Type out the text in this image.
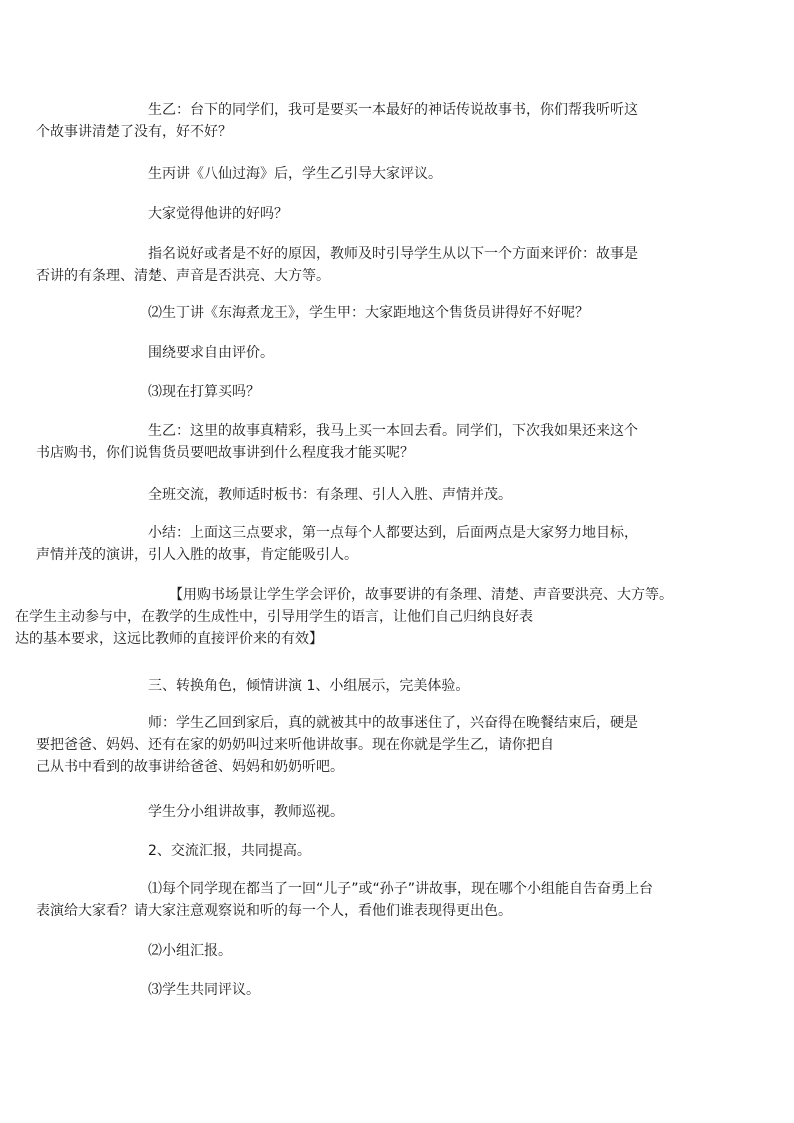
生乙：台下的同学们，我可是要买一本最好的神话传说故事书，你们帮我听听这
个故事讲清楚了没有，好不好？

生丙讲《八仙过海》后，学生乙引导大家评议。

大家觉得他讲的好吗？

指名说好或者是不好的原因，教师及时引导学生从以下一个方面来评价：故事是
否讲的有条理、清楚、声音是否洪亮、大方等。

⑵生丁讲《东海煮龙王》，学生甲：大家距地这个售货员讲得好不好呢？

围绕要求自由评价。

⑶现在打算买吗？

生乙：这里的故事真精彩，我马上买一本回去看。同学们，下次我如果还来这个
书店购书，你们说售货员要吧故事讲到什么程度我才能买呢？

全班交流，教师适时板书：有条理、引人入胜、声情并茂。

小结：上面这三点要求，第一点每个人都要达到，后面两点是大家努力地目标，
声情并茂的演讲，引人入胜的故事，肯定能吸引人。

【用购书场景让学生学会评价，故事要讲的有条理、清楚、声音要洪亮、大方等。
在学生主动参与中，在教学的生成性中，引导用学生的语言，让他们自己归纳良好表
达的基本要求，这远比教师的直接评价来的有效】

三、转换角色，倾情讲演 1、小组展示，完美体验。

师：学生乙回到家后，真的就被其中的故事迷住了，兴奋得在晚餐结束后，硬是
要把爸爸、妈妈、还有在家的奶奶叫过来听他讲故事。现在你就是学生乙，请你把自
己从书中看到的故事讲给爸爸、妈妈和奶奶听吧。

学生分小组讲故事，教师巡视。

2、交流汇报，共同提高。

⑴每个同学现在都当了一回“儿子”或“孙子”讲故事，现在哪个小组能自告奋勇上台
表演给大家看？请大家注意观察说和听的每一个人，看他们谁表现得更出色。

⑵小组汇报。

⑶学生共同评议。
